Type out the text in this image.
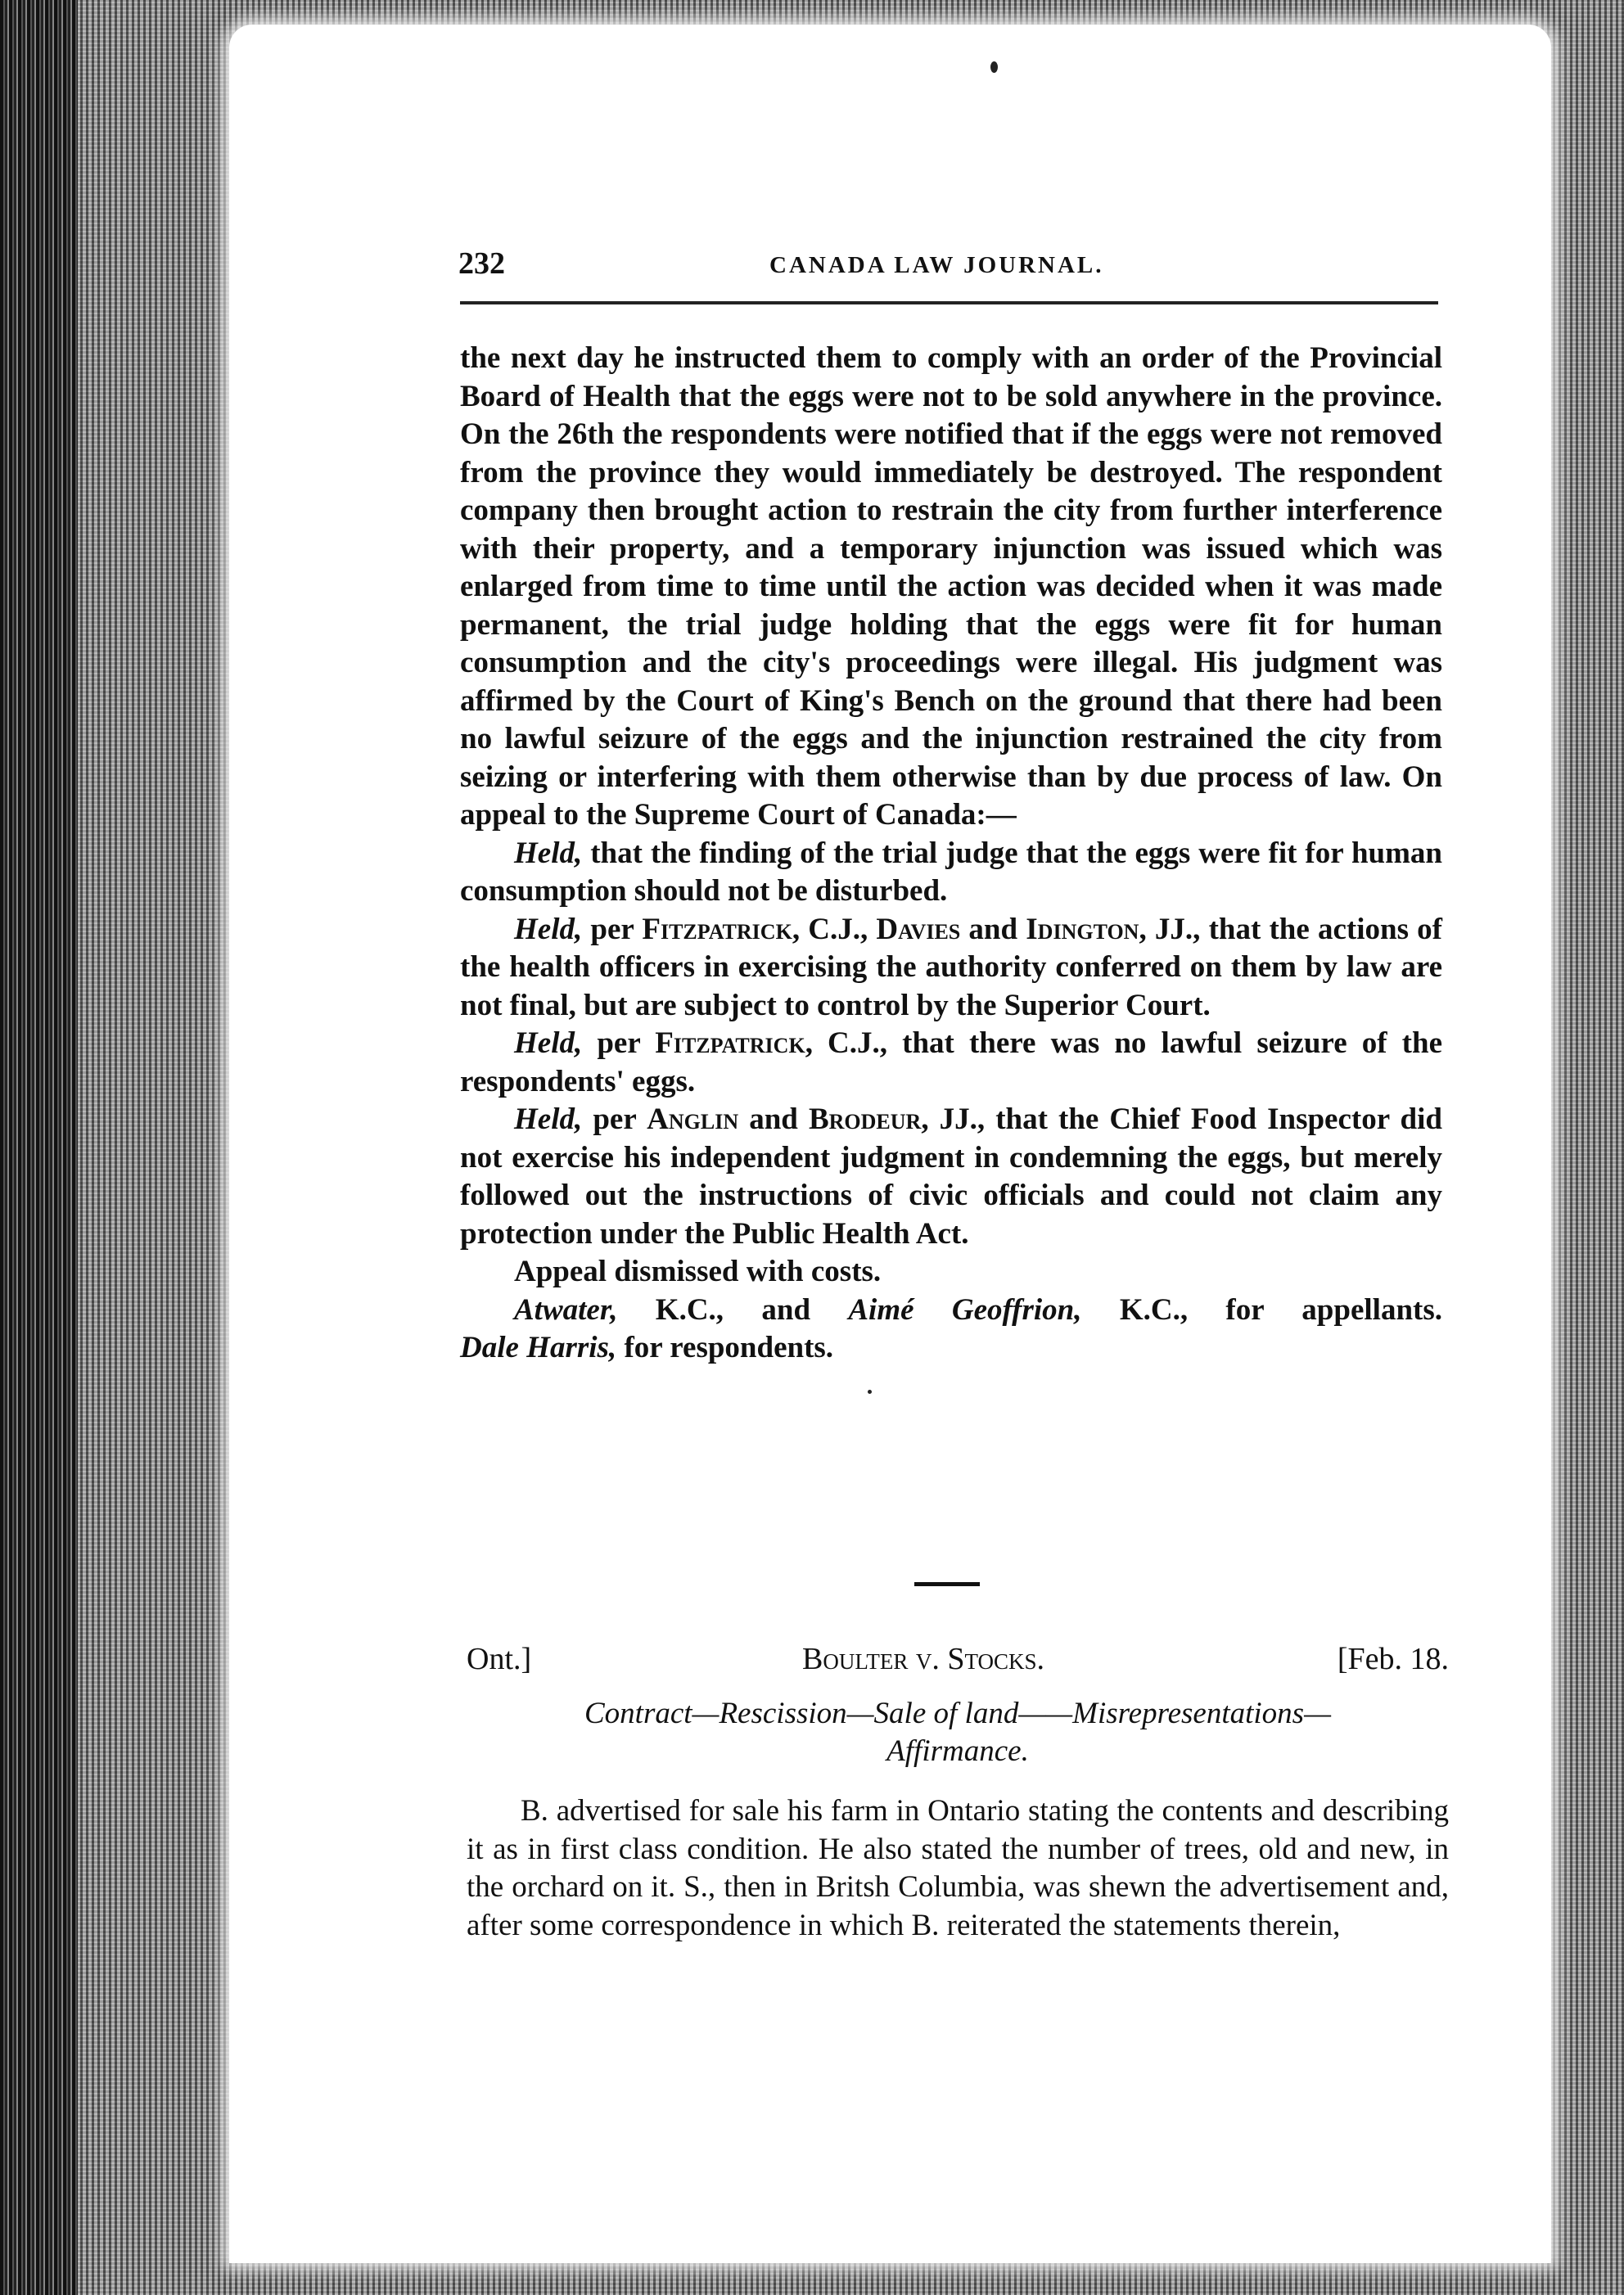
232	CANADA LAW JOURNAL.

the next day he instructed them to comply with an order of the Provincial Board of Health that the eggs were not to be sold anywhere in the province. On the 26th the respondents were notified that if the eggs were not removed from the province they would immediately be destroyed. The respondent company then brought action to restrain the city from further interference with their property, and a temporary injunction was issued which was enlarged from time to time until the action was decided when it was made permanent, the trial judge holding that the eggs were fit for human consumption and the city's proceedings were illegal. His judgment was affirmed by the Court of King's Bench on the ground that there had been no lawful seizure of the eggs and the injunction restrained the city from seizing or interfering with them otherwise than by due process of law. On appeal to the Supreme Court of Canada:—

Held, that the finding of the trial judge that the eggs were fit for human consumption should not be disturbed.

Held, per Fitzpatrick, C.J., Davies and Idington, JJ., that the actions of the health officers in exercising the authority conferred on them by law are not final, but are subject to control by the Superior Court.

Held, per Fitzpatrick, C.J., that there was no lawful seizure of the respondents' eggs.

Held, per Anglin and Brodeur, JJ., that the Chief Food Inspector did not exercise his independent judgment in condemning the eggs, but merely followed out the instructions of civic officials and could not claim any protection under the Public Health Act.

Appeal dismissed with costs.

Atwater, K.C., and Aimé Geoffrion, K.C., for appellants.

Dale Harris, for respondents.

Ont.]	Boulter v. Stocks.	[Feb. 18.
Contract—Rescission—Sale of land——Misrepresentations—
Affirmance.

B. advertised for sale his farm in Ontario stating the contents and describing it as in first class condition. He also stated the number of trees, old and new, in the orchard on it. S., then in Britsh Columbia, was shewn the advertisement and, after some correspondence in which B. reiterated the statements therein,
